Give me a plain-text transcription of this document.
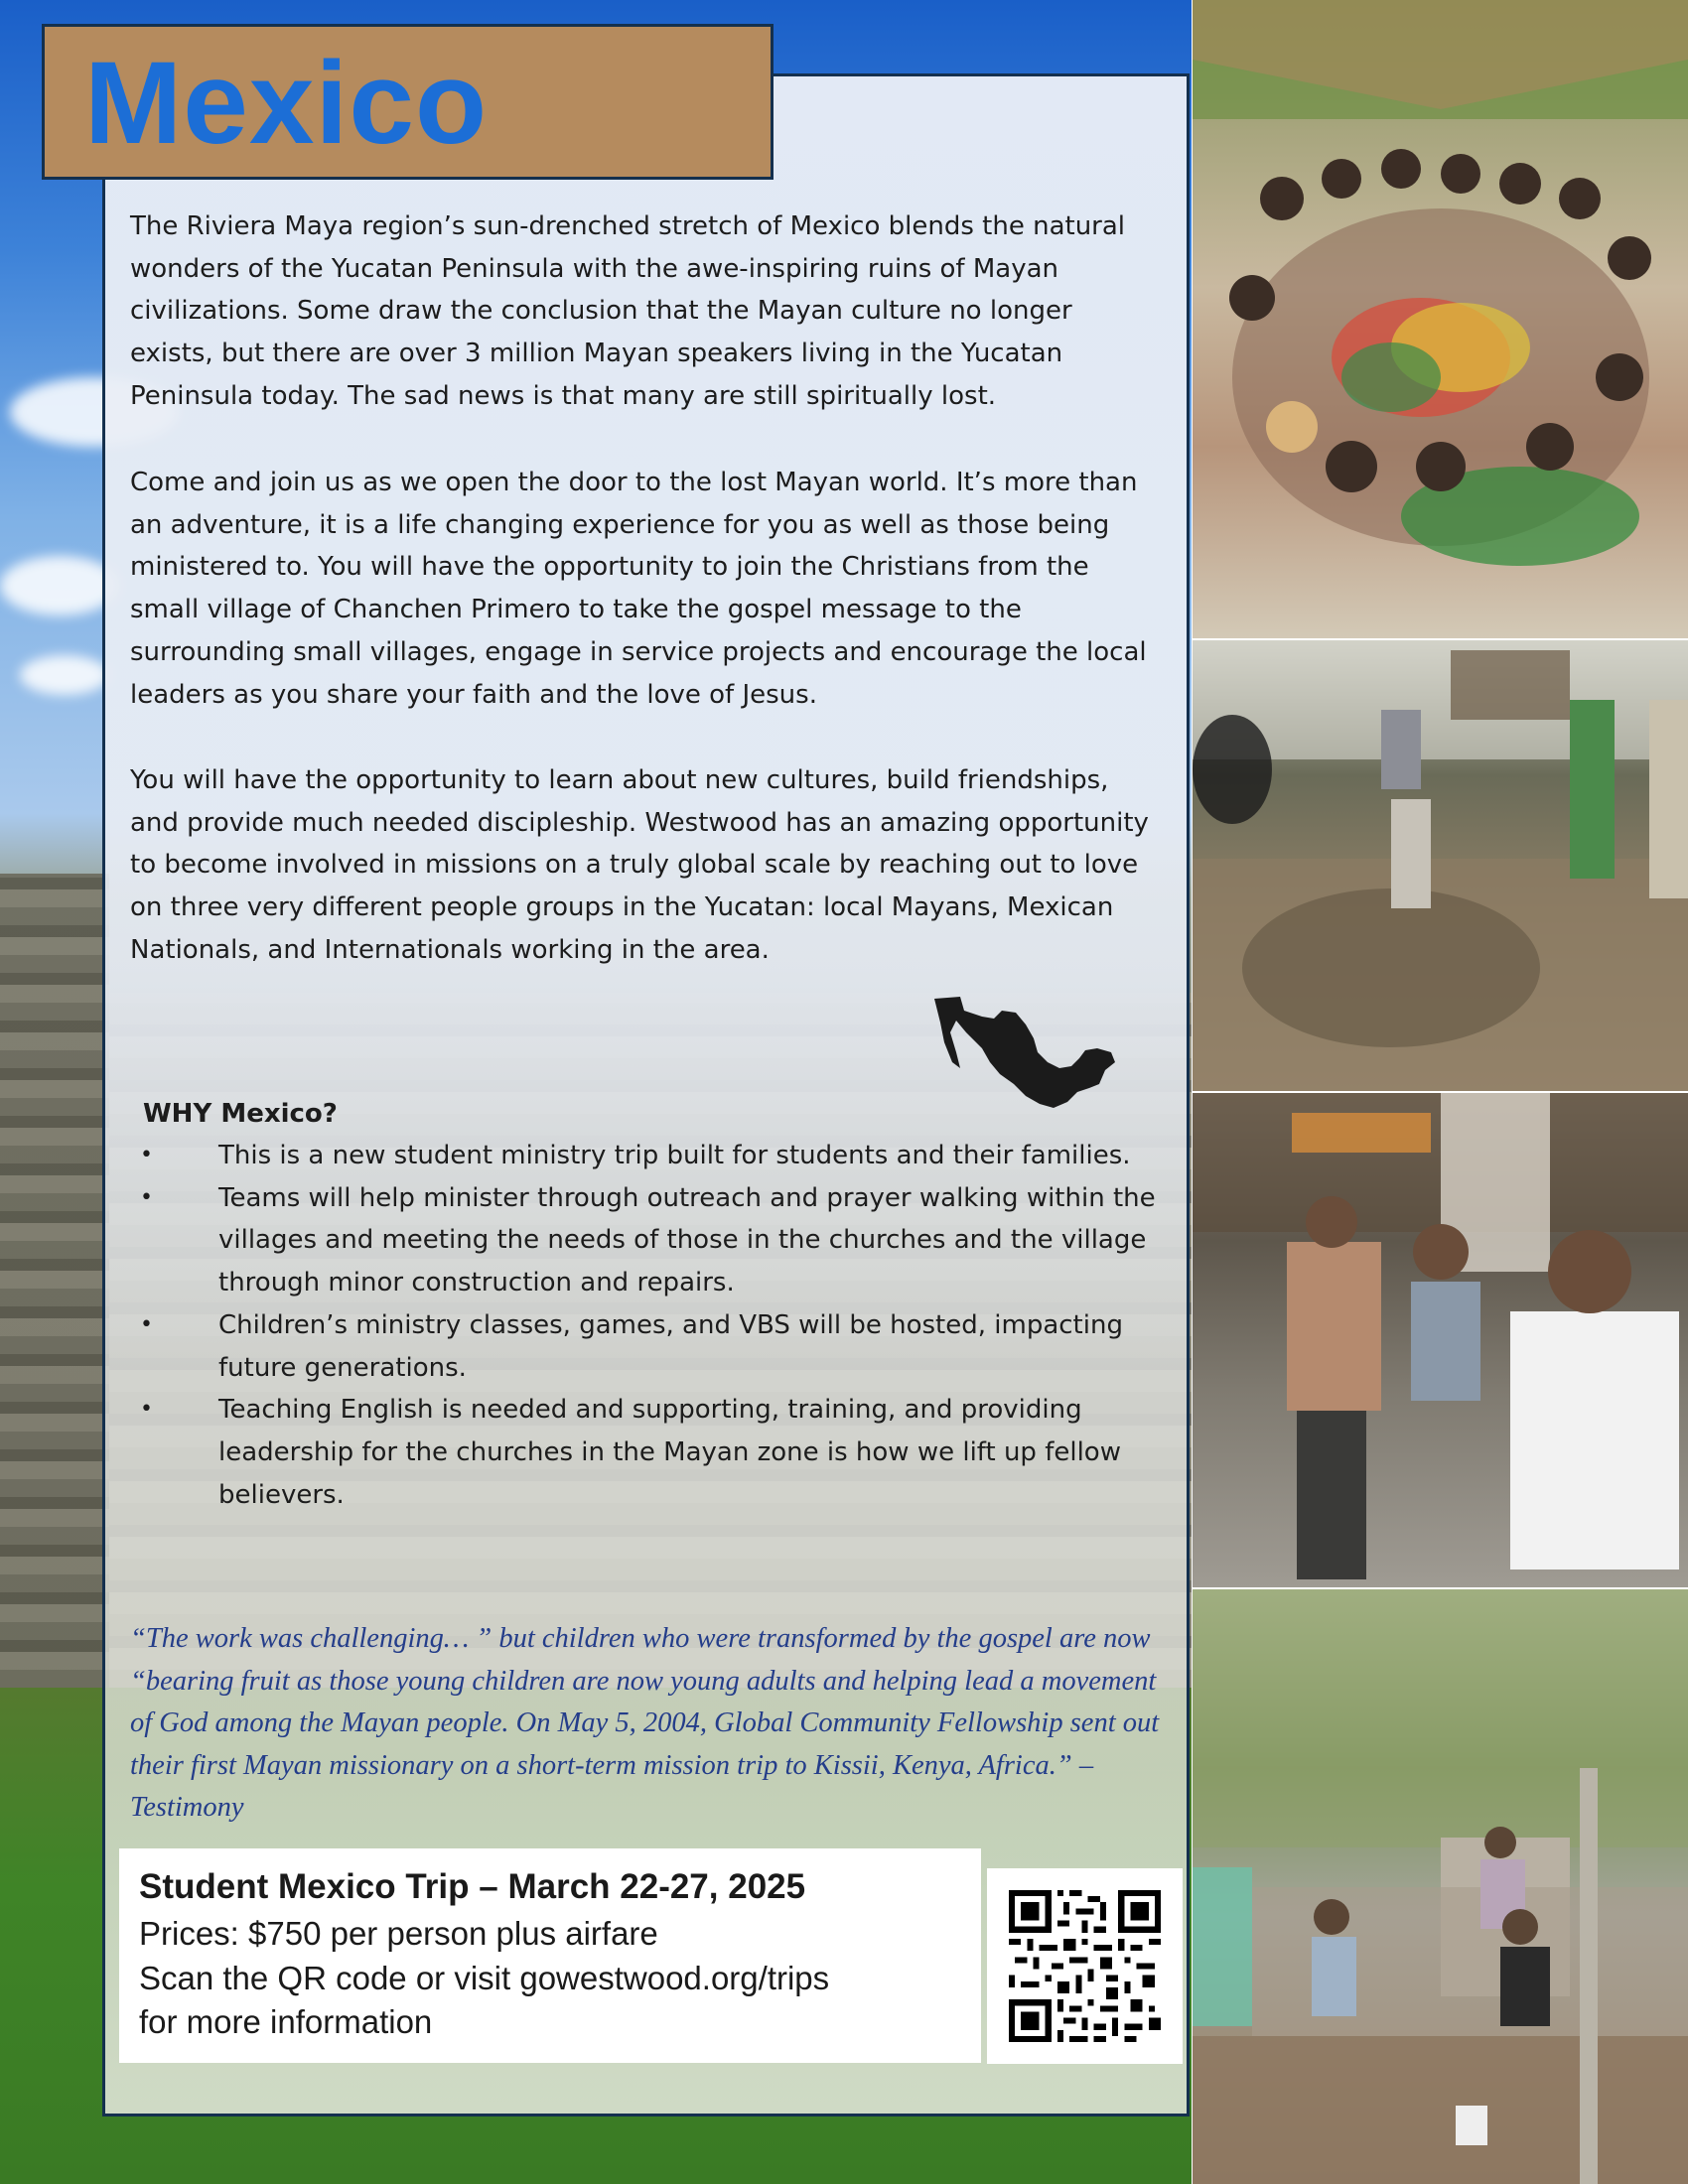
Mexico
The Riviera Maya region’s sun-drenched stretch of Mexico blends the natural wonders of the Yucatan Peninsula with the awe-inspiring ruins of Mayan civilizations. Some draw the conclusion that the Mayan culture no longer exists, but there are over 3 million Mayan speakers living in the Yucatan Peninsula today. The sad news is that many are still spiritually lost.
Come and join us as we open the door to the lost Mayan world. It’s more than an adventure, it is a life changing experience for you as well as those being ministered to. You will have the opportunity to join the Christians from the small village of Chanchen Primero to take the gospel message to the surrounding small villages, engage in service projects and encourage the local leaders as you share your faith and the love of Jesus.
You will have the opportunity to learn about new cultures, build friendships, and provide much needed discipleship. Westwood has an amazing opportunity to become involved in missions on a truly global scale by reaching out to love on three very different people groups in the Yucatan: local Mayans, Mexican Nationals, and Internationals working in the area.
WHY Mexico?
•	This is a new student ministry trip built for students and their families.
•	Teams will help minister through outreach and prayer walking within the villages and meeting the needs of those in the churches and the village through minor construction and repairs.
•	Children’s ministry classes, games, and VBS will be hosted, impacting future generations.
•	Teaching English is needed and supporting, training, and providing leadership for the churches in the Mayan zone is how we lift up fellow believers.
“The work was challenging… ” but children who were transformed by the gospel are now “bearing fruit as those young children are now young adults and helping lead a movement of God among the Mayan people. On May 5, 2004, Global Community Fellowship sent out their first Mayan missionary on a short-term mission trip to Kissii, Kenya, Africa.” – Testimony
Student Mexico Trip – March 22-27, 2025
Prices: $750 per person plus airfare
Scan the QR code or visit gowestwood.org/trips
for more information
